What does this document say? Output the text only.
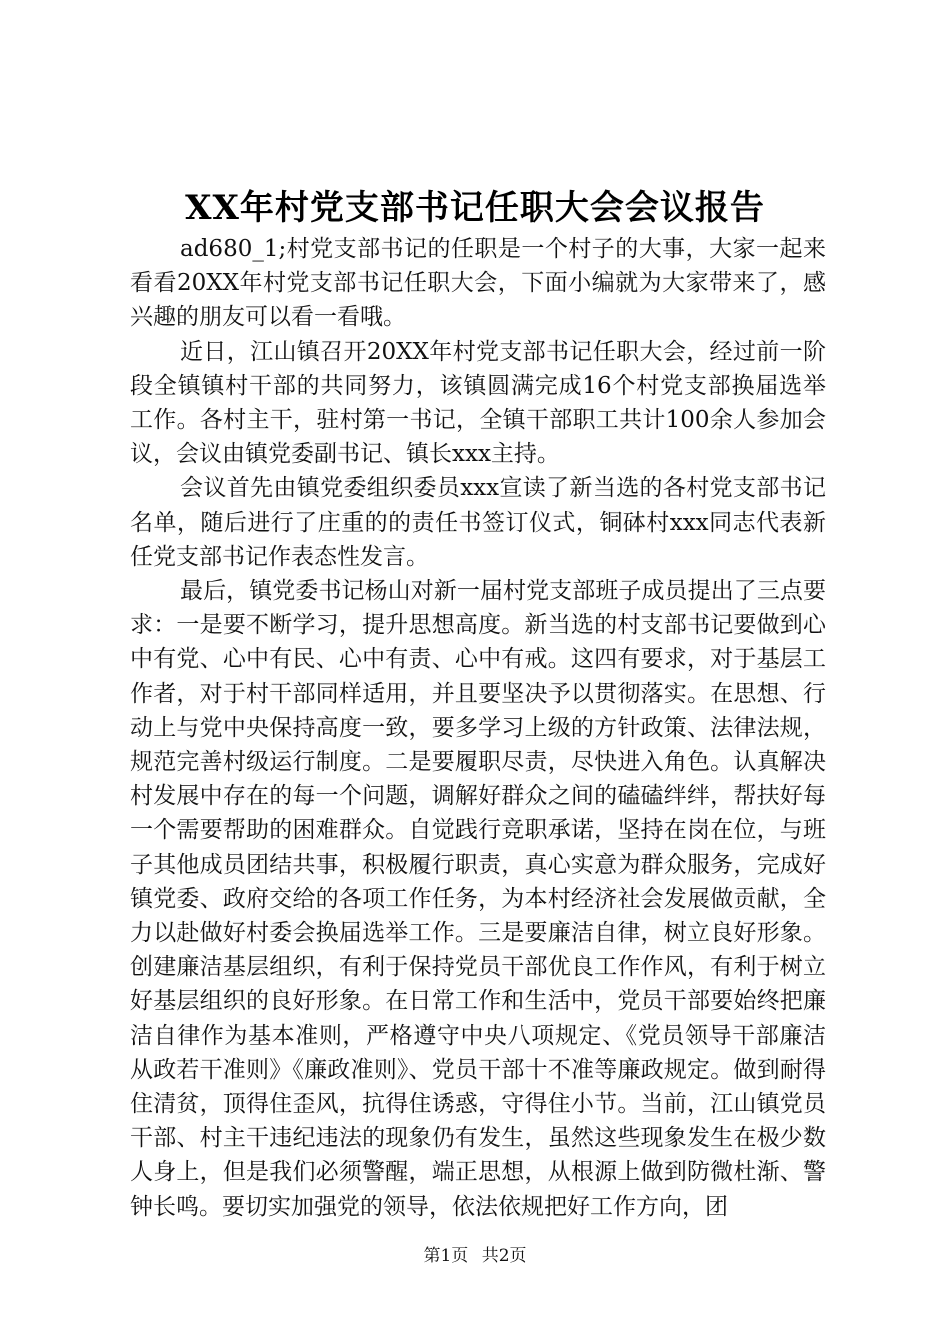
XX年村党支部书记任职大会会议报告

ad680_1;村党支部书记的任职是一个村子的大事，大家一起来看看20XX年村党支部书记任职大会，下面小编就为大家带来了，感兴趣的朋友可以看一看哦。

近日，江山镇召开20XX年村党支部书记任职大会，经过前一阶段全镇镇村干部的共同努力，该镇圆满完成16个村党支部换届选举工作。各村主干，驻村第一书记，全镇干部职工共计100余人参加会议，会议由镇党委副书记、镇长xxx主持。

会议首先由镇党委组织委员xxx宣读了新当选的各村党支部书记名单，随后进行了庄重的的责任书签订仪式，铜砵村xxx同志代表新任党支部书记作表态性发言。

最后，镇党委书记杨山对新一届村党支部班子成员提出了三点要求：一是要不断学习，提升思想高度。新当选的村支部书记要做到心中有党、心中有民、心中有责、心中有戒。这四有要求，对于基层工作者，对于村干部同样适用，并且要坚决予以贯彻落实。在思想、行动上与党中央保持高度一致，要多学习上级的方针政策、法律法规，规范完善村级运行制度。二是要履职尽责，尽快进入角色。认真解决村发展中存在的每一个问题，调解好群众之间的磕磕绊绊，帮扶好每一个需要帮助的困难群众。自觉践行竞职承诺，坚持在岗在位，与班子其他成员团结共事，积极履行职责，真心实意为群众服务，完成好镇党委、政府交给的各项工作任务，为本村经济社会发展做贡献，全力以赴做好村委会换届选举工作。三是要廉洁自律，树立良好形象。创建廉洁基层组织，有利于保持党员干部优良工作作风，有利于树立好基层组织的良好形象。在日常工作和生活中，党员干部要始终把廉洁自律作为基本准则，严格遵守中央八项规定、《党员领导干部廉洁从政若干准则》《廉政准则》、党员干部十不准等廉政规定。做到耐得住清贫，顶得住歪风，抗得住诱惑，守得住小节。当前，江山镇党员干部、村主干违纪违法的现象仍有发生，虽然这些现象发生在极少数人身上，但是我们必须警醒，端正思想，从根源上做到防微杜渐、警钟长鸣。要切实加强党的领导，依法依规把好工作方向，团

第1页 共2页
